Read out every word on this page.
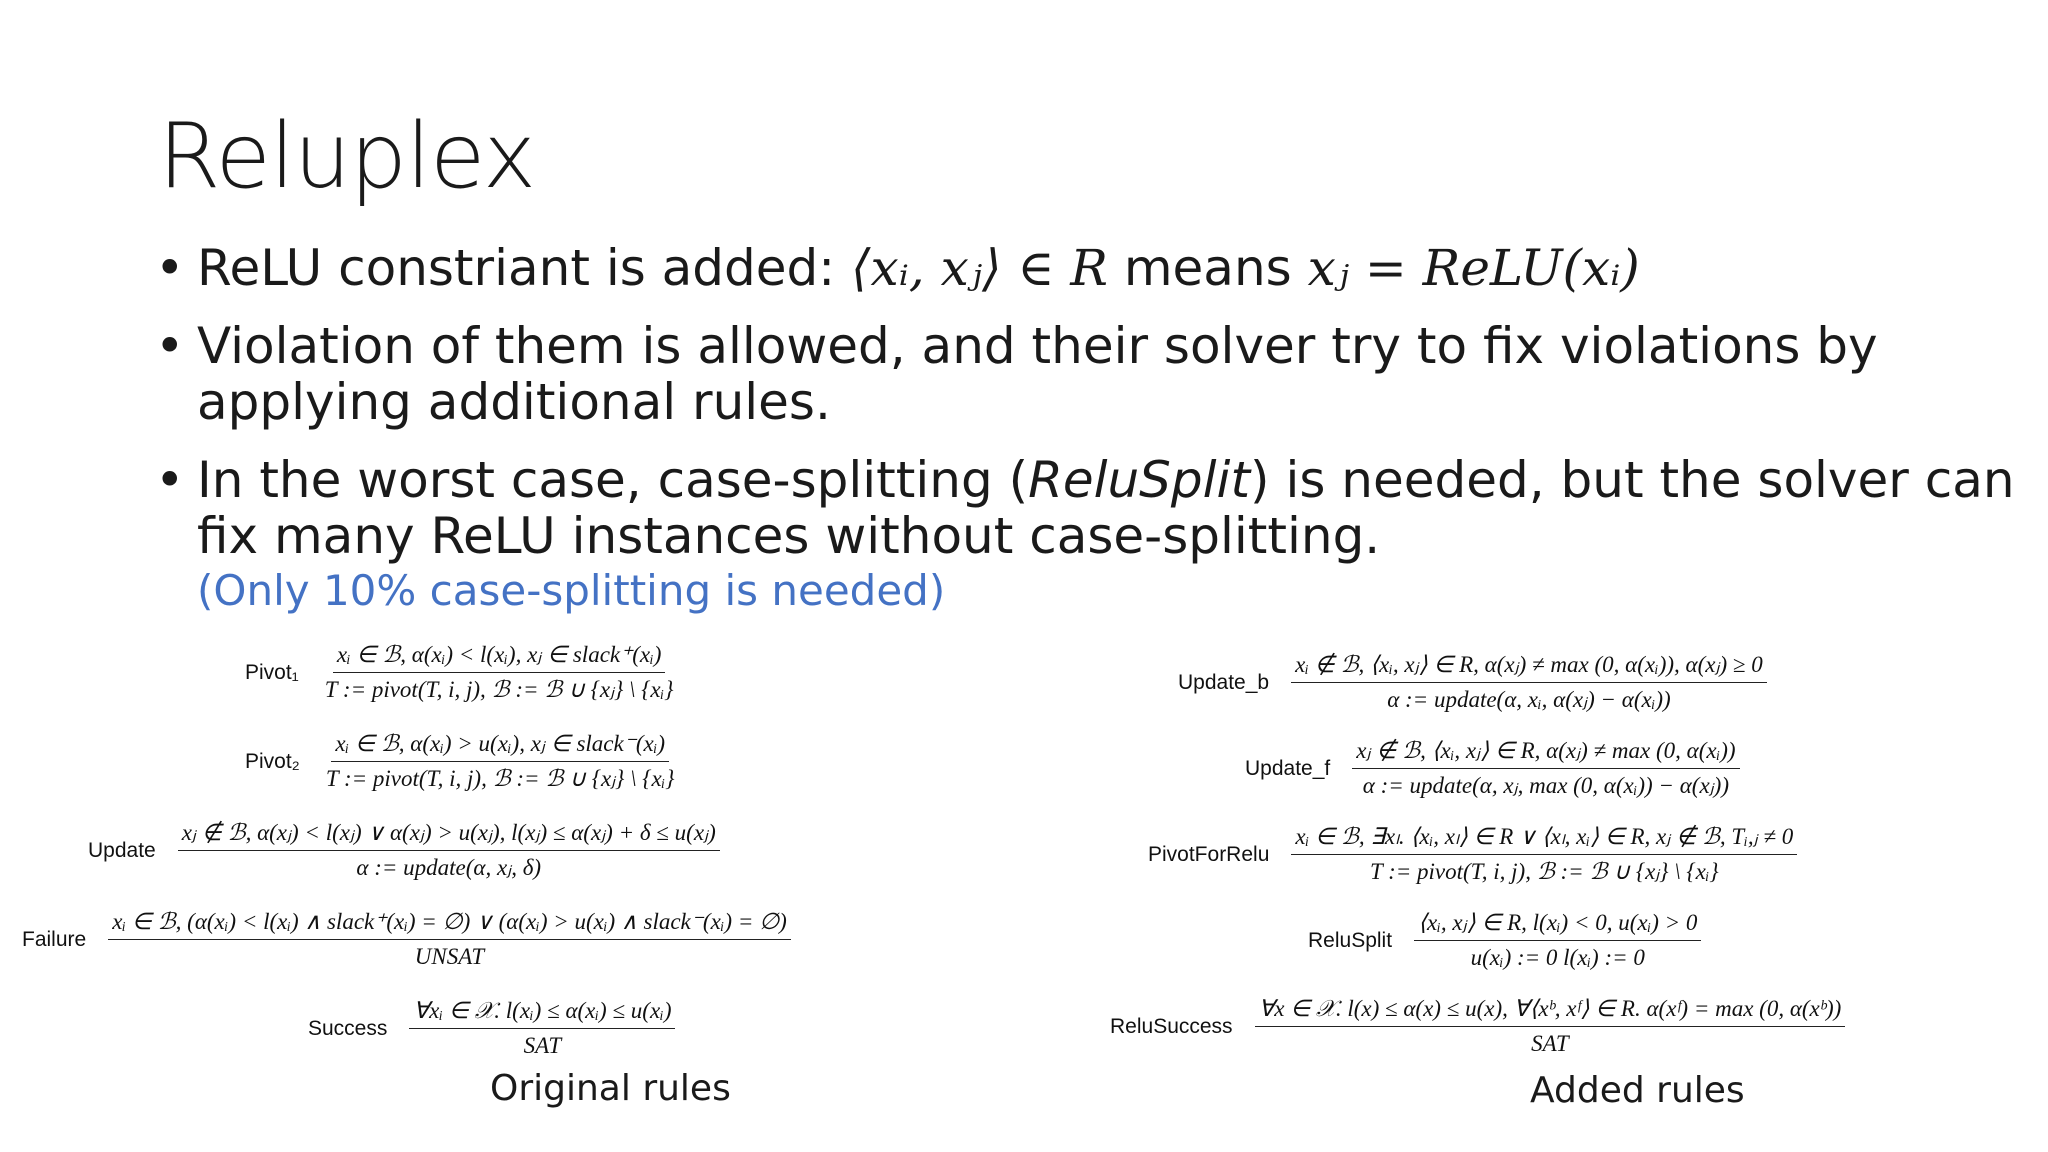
Reluplex
• ReLU constriant is added: ⟨xᵢ, xⱼ⟩ ∈ R means xⱼ = ReLU(xᵢ)
• Violation of them is allowed, and their solver try to fix violations by applying additional rules.
• In the worst case, case-splitting (ReluSplit) is needed, but the solver can fix many ReLU instances without case-splitting.
(Only 10% case-splitting is needed)
Pivot₁ $\frac{\text{xᵢ ∈ ℬ, α(xᵢ) < l(xᵢ), xⱼ ∈ slack⁺(xᵢ)}}{\text{T := pivot(T, i, j), ℬ := ℬ ∪ \{xⱼ\} \textbackslash{} \{xᵢ\}}}$
Pivot₂ $\frac{\text{xᵢ ∈ ℬ, α(xᵢ) > u(xᵢ), xⱼ ∈ slack⁻(xᵢ)}}{\text{T := pivot(T, i, j), ℬ := ℬ ∪ \{xⱼ\} \textbackslash{} \{xᵢ\}}}$
Update
xⱼ ∉ ℬ, α(xⱼ) < l(xⱼ) ∨ α(xⱼ) > u(xⱼ), l(xⱼ) ≤ α(xⱼ) + δ ≤ u(xⱼ)
α := update(α, xⱼ, δ)
Failure
xᵢ ∈ ℬ, (α(xᵢ) < l(xᵢ) ∧ slack⁺(xᵢ) = ∅) ∨ (α(xᵢ) > u(xᵢ) ∧ slack⁻(xᵢ) = ∅)
UNSAT
Success $\frac{\text{∀xᵢ ∈ 𝒳. l(xᵢ) ≤ α(xᵢ) ≤ u(xᵢ)}}{\text{SAT}}$
Original rules
Update_b
xᵢ ∉ ℬ, ⟨xᵢ, xⱼ⟩ ∈ R, α(xⱼ) ≠ max (0, α(xᵢ)), α(xⱼ) ≥ 0
α := update(α, xᵢ, α(xⱼ) − α(xᵢ))
Update_f $\frac{\text{xⱼ ∉ ℬ, ⟨xᵢ, xⱼ⟩ ∈ R, α(xⱼ) ≠ max (0, α(xᵢ))}}{\text{α := update(α, xⱼ, max (0, α(xᵢ)) − α(xⱼ))}}$
PivotForRelu
xᵢ ∈ ℬ, ∃xₗ. ⟨xᵢ, xₗ⟩ ∈ R ∨ ⟨xₗ, xᵢ⟩ ∈ R, xⱼ ∉ ℬ, Tᵢ,ⱼ ≠ 0
T := pivot(T, i, j), ℬ := ℬ ∪ {xⱼ} \ {xᵢ}
ReluSplit $\frac{\text{⟨xᵢ, xⱼ⟩ ∈ R, l(xᵢ) < 0, u(xᵢ) > 0}}{\text{u(xᵢ) := 0 l(xᵢ) := 0}}$
ReluSuccess
∀x ∈ 𝒳. l(x) ≤ α(x) ≤ u(x), ∀⟨xᵇ, xᶠ⟩ ∈ R. α(xᶠ) = max (0, α(xᵇ))
SAT
Added rules
